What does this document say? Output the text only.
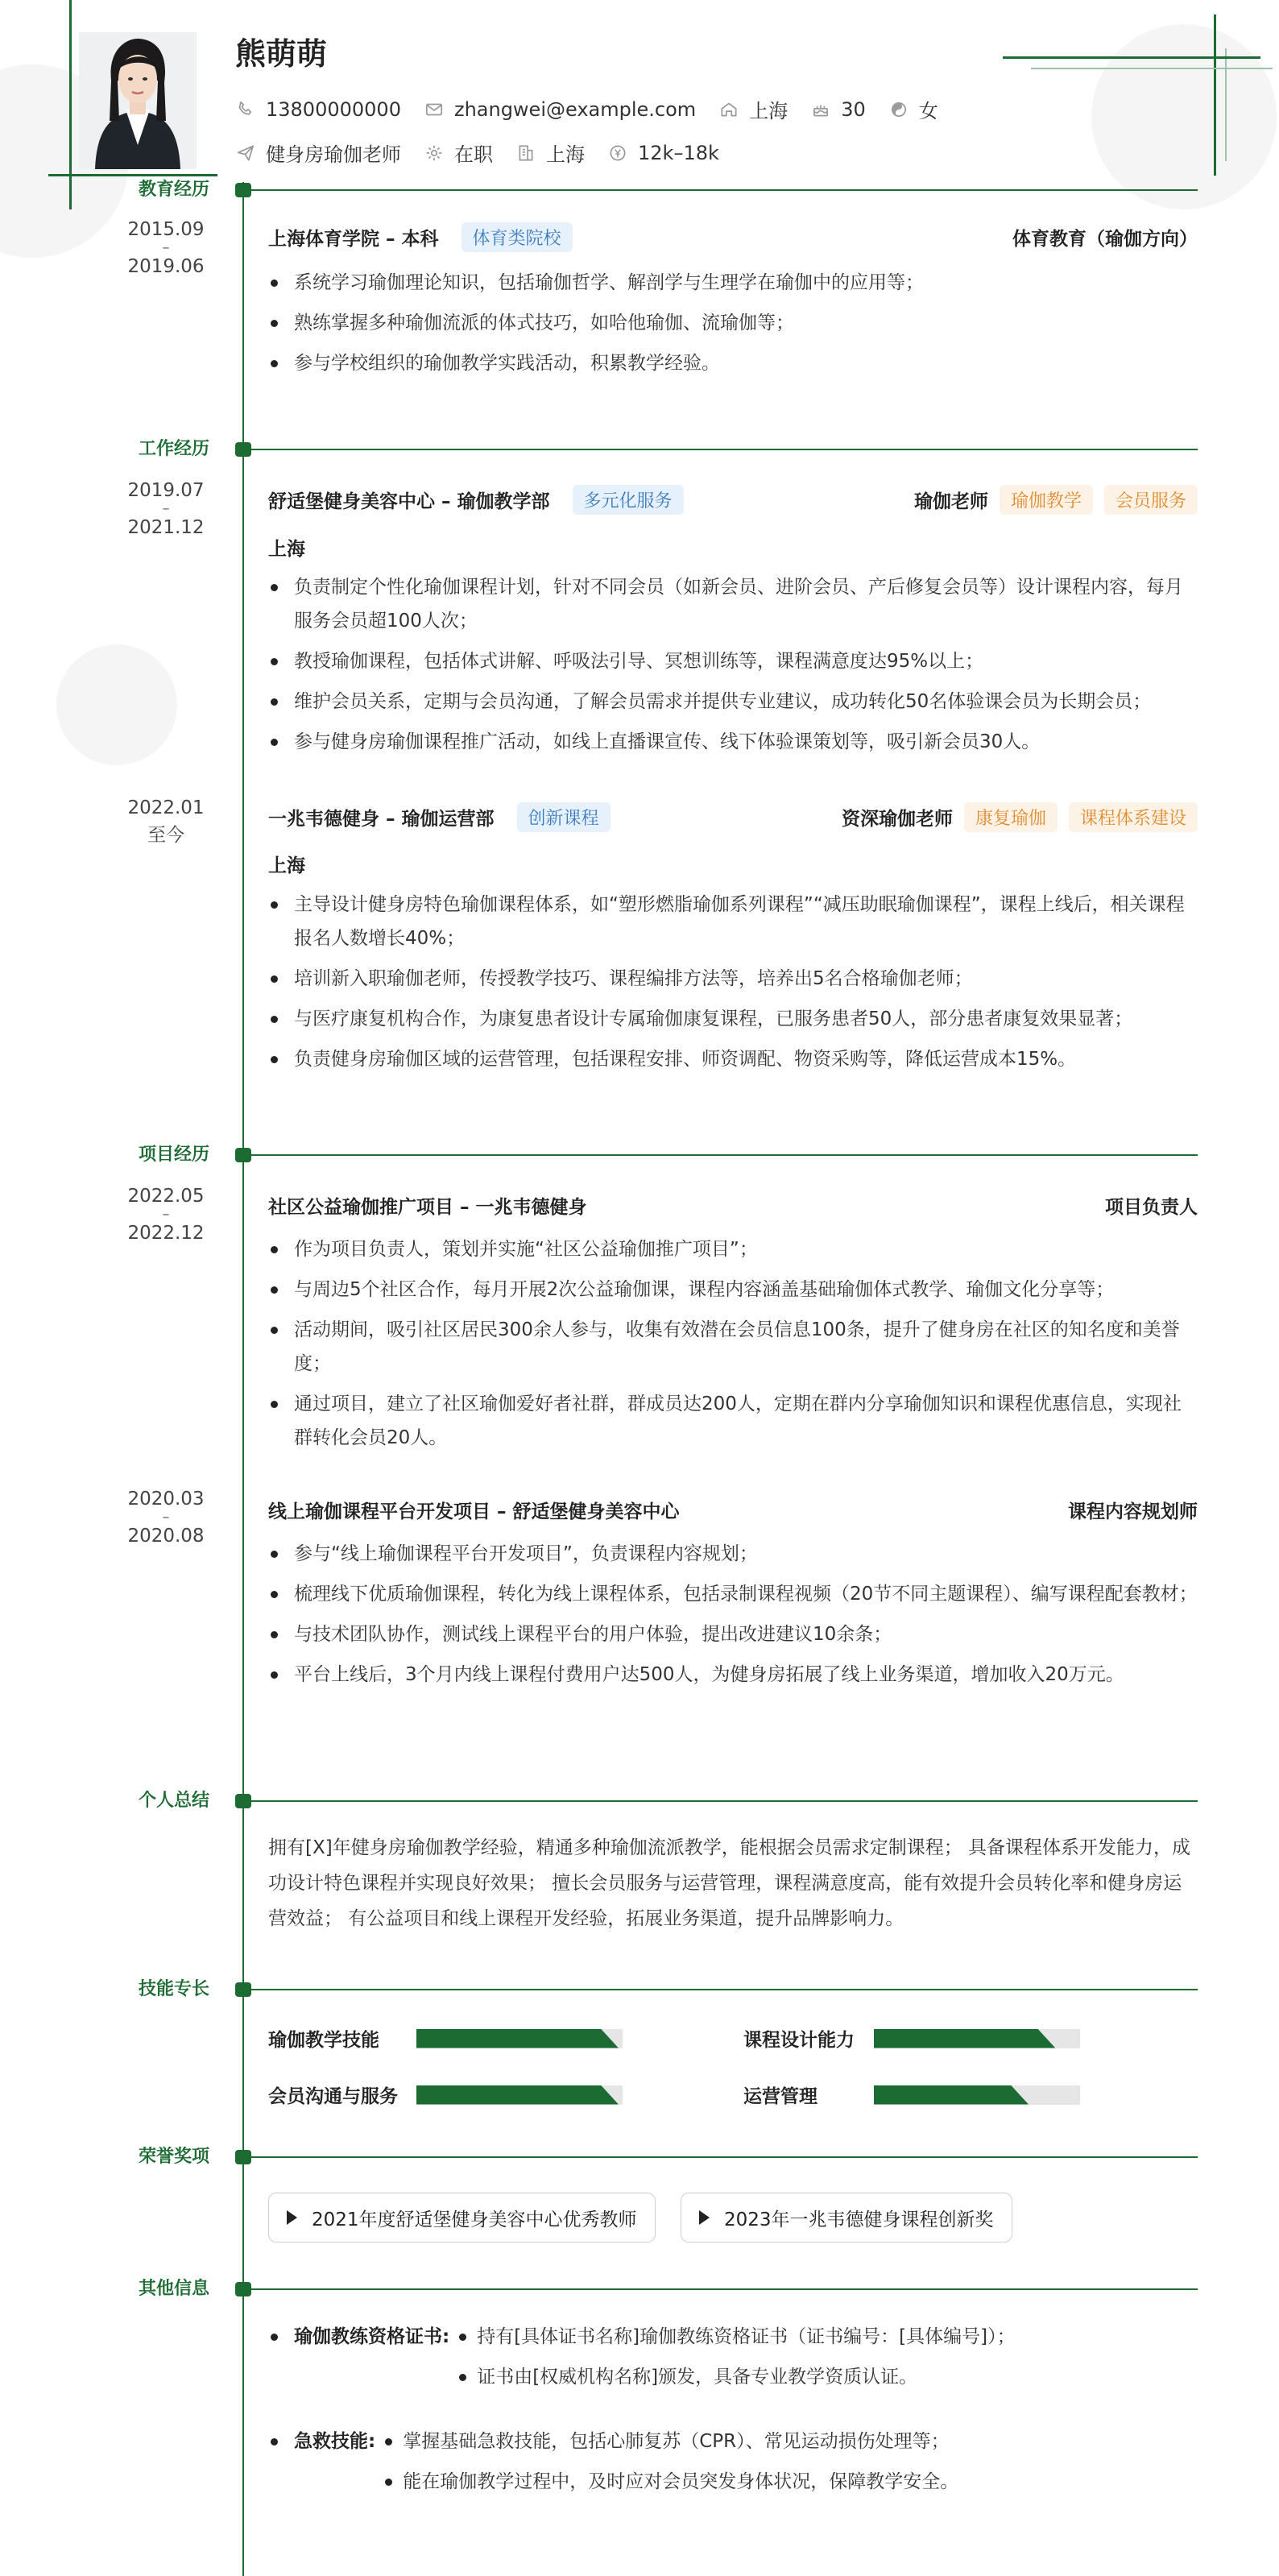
熊萌萌
13800000000	zhangwei@example.com	上海	30	女
健身房瑜伽老师	在职	上海	12k–18k
教育经历
2015.09
–
2019.06
上海体育学院 – 本科	体育类院校	体育教育（瑜伽方向）
系统学习瑜伽理论知识，包括瑜伽哲学、解剖学与生理学在瑜伽中的应用等；
熟练掌握多种瑜伽流派的体式技巧，如哈他瑜伽、流瑜伽等；
参与学校组织的瑜伽教学实践活动，积累教学经验。
工作经历
2019.07
–
2021.12
舒适堡健身美容中心 – 瑜伽教学部	多元化服务	瑜伽老师	瑜伽教学	会员服务
上海
负责制定个性化瑜伽课程计划，针对不同会员（如新会员、进阶会员、产后修复会员等）设计课程内容，每月服务会员超100人次；
教授瑜伽课程，包括体式讲解、呼吸法引导、冥想训练等，课程满意度达95%以上；
维护会员关系，定期与会员沟通，了解会员需求并提供专业建议，成功转化50名体验课会员为长期会员；
参与健身房瑜伽课程推广活动，如线上直播课宣传、线下体验课策划等，吸引新会员30人。
2022.01
至今
一兆韦德健身 – 瑜伽运营部	创新课程	资深瑜伽老师	康复瑜伽	课程体系建设
上海
主导设计健身房特色瑜伽课程体系，如“塑形燃脂瑜伽系列课程”“减压助眠瑜伽课程”，课程上线后，相关课程报名人数增长40%；
培训新入职瑜伽老师，传授教学技巧、课程编排方法等，培养出5名合格瑜伽老师；
与医疗康复机构合作，为康复患者设计专属瑜伽康复课程，已服务患者50人，部分患者康复效果显著；
负责健身房瑜伽区域的运营管理，包括课程安排、师资调配、物资采购等，降低运营成本15%。
项目经历
2022.05
–
2022.12
社区公益瑜伽推广项目 – 一兆韦德健身	项目负责人
作为项目负责人，策划并实施“社区公益瑜伽推广项目”；
与周边5个社区合作，每月开展2次公益瑜伽课，课程内容涵盖基础瑜伽体式教学、瑜伽文化分享等；
活动期间，吸引社区居民300余人参与，收集有效潜在会员信息100条，提升了健身房在社区的知名度和美誉度；
通过项目，建立了社区瑜伽爱好者社群，群成员达200人，定期在群内分享瑜伽知识和课程优惠信息，实现社群转化会员20人。
2020.03
–
2020.08
线上瑜伽课程平台开发项目 – 舒适堡健身美容中心	课程内容规划师
参与“线上瑜伽课程平台开发项目”，负责课程内容规划；
梳理线下优质瑜伽课程，转化为线上课程体系，包括录制课程视频（20节不同主题课程）、编写课程配套教材；
与技术团队协作，测试线上课程平台的用户体验，提出改进建议10余条；
平台上线后，3个月内线上课程付费用户达500人，为健身房拓展了线上业务渠道，增加收入20万元。
个人总结
拥有[X]年健身房瑜伽教学经验，精通多种瑜伽流派教学，能根据会员需求定制课程； 具备课程体系开发能力，成功设计特色课程并实现良好效果； 擅长会员服务与运营管理，课程满意度高，能有效提升会员转化率和健身房运营效益； 有公益项目和线上课程开发经验，拓展业务渠道，提升品牌影响力。
技能专长
瑜伽教学技能	课程设计能力
会员沟通与服务	运营管理
荣誉奖项
2021年度舒适堡健身美容中心优秀教师	2023年一兆韦德健身课程创新奖
其他信息
瑜伽教练资格证书:	持有[具体证书名称]瑜伽教练资格证书（证书编号：[具体编号]）；
证书由[权威机构名称]颁发，具备专业教学资质认证。
急救技能:	掌握基础急救技能，包括心肺复苏（CPR）、常见运动损伤处理等；
能在瑜伽教学过程中，及时应对会员突发身体状况，保障教学安全。
